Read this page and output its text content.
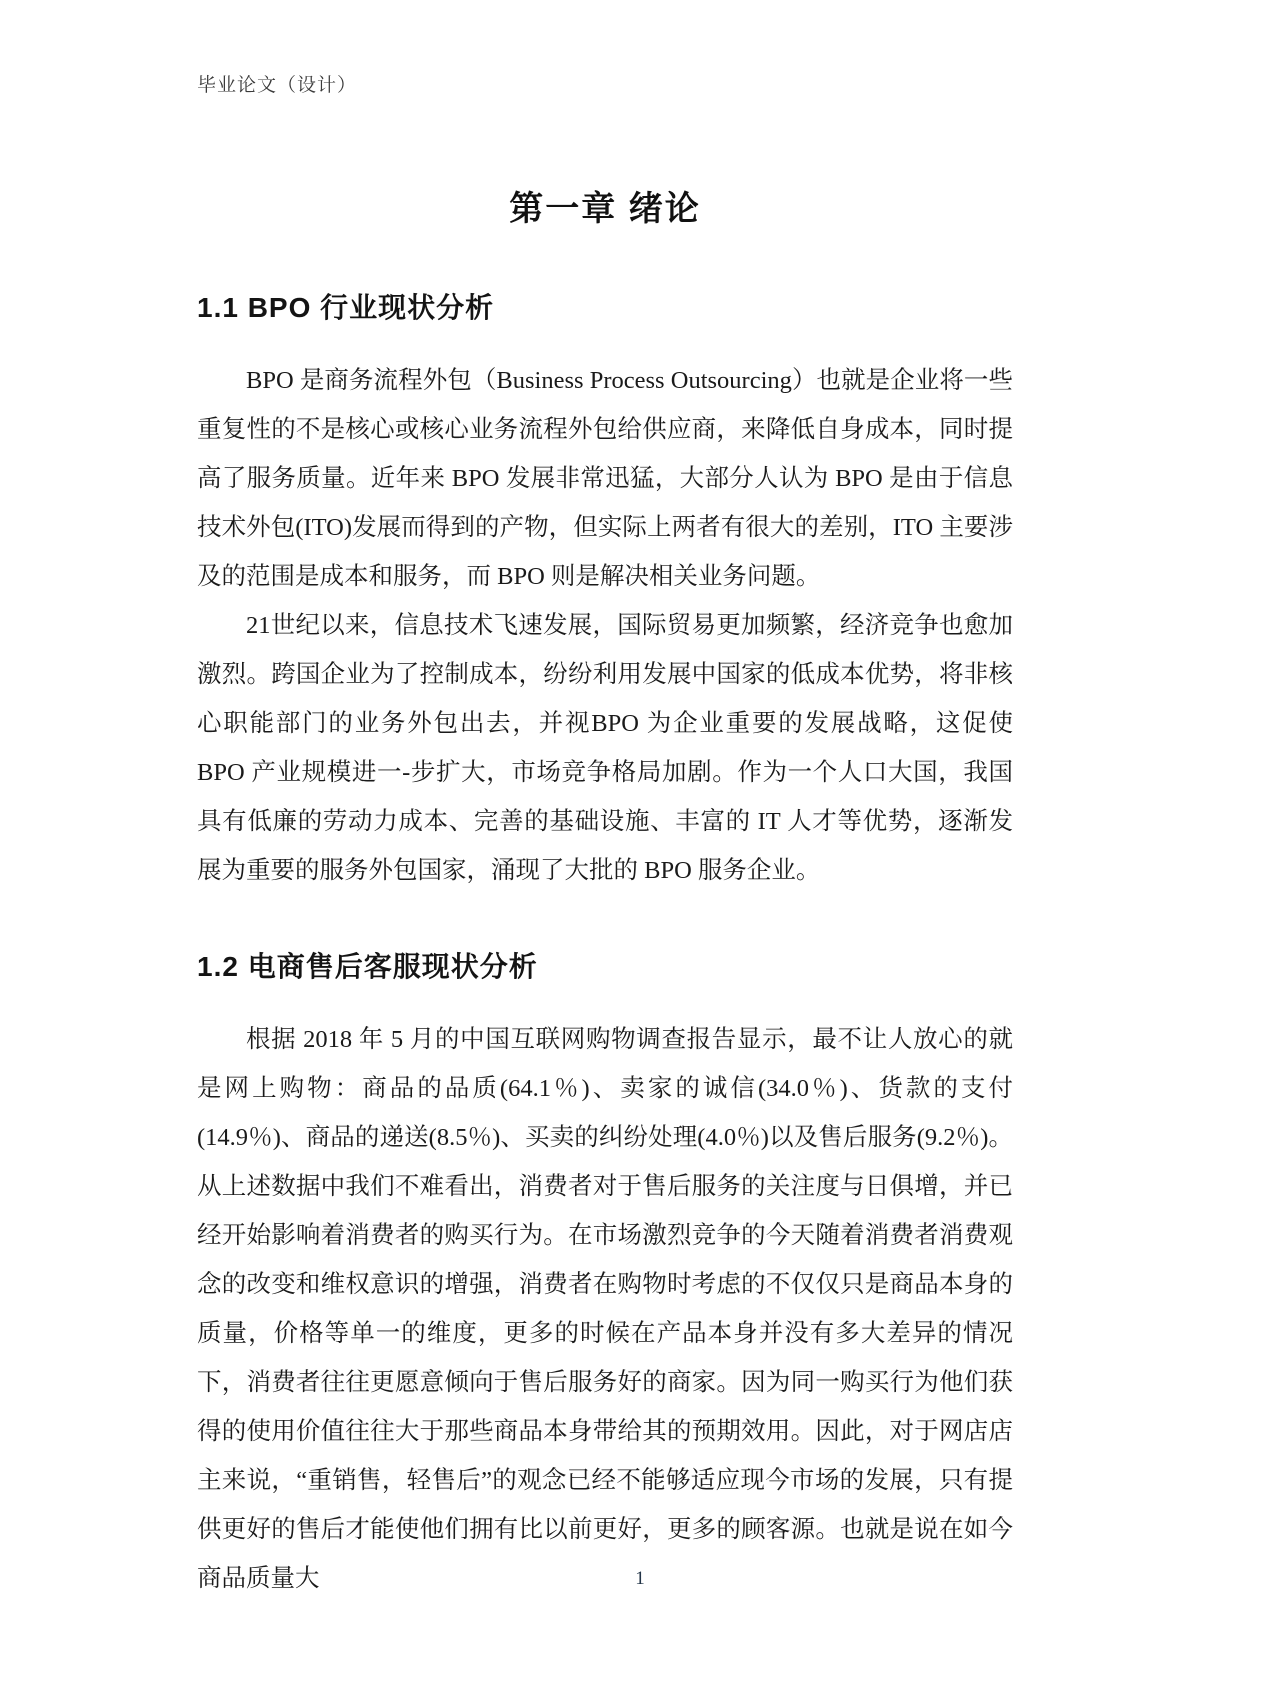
毕业论文（设计）
第一章 绪论
1.1 BPO 行业现状分析

BPO 是商务流程外包（Business Process Outsourcing）也就是企业将一些重复性的不是核心或核心业务流程外包给供应商，来降低自身成本，同时提高了服务质量。近年来 BPO 发展非常迅猛，大部分人认为 BPO 是由于信息技术外包(ITO)发展而得到的产物，但实际上两者有很大的差别，ITO 主要涉及的范围是成本和服务，而 BPO 则是解决相关业务问题。

21世纪以来，信息技术飞速发展，国际贸易更加频繁，经济竞争也愈加激烈。跨国企业为了控制成本，纷纷利用发展中国家的低成本优势，将非核心职能部门的业务外包出去，并视BPO 为企业重要的发展战略，这促使 BPO 产业规模进一-步扩大，市场竞争格局加剧。作为一个人口大国，我国具有低廉的劳动力成本、完善的基础设施、丰富的 IT 人才等优势，逐渐发展为重要的服务外包国家，涌现了大批的 BPO 服务企业。

1.2 电商售后客服现状分析

根据 2018 年 5 月的中国互联网购物调查报告显示，最不让人放心的就是网上购物：商品的品质(64.1％)、卖家的诚信(34.0％)、货款的支付(14.9％)、商品的递送(8.5％)、买卖的纠纷处理(4.0％)以及售后服务(9.2％)。从上述数据中我们不难看出，消费者对于售后服务的关注度与日俱增，并已经开始影响着消费者的购买行为。在市场激烈竞争的今天随着消费者消费观念的改变和维权意识的增强，消费者在购物时考虑的不仅仅只是商品本身的质量，价格等单一的维度，更多的时候在产品本身并没有多大差异的情况下，消费者往往更愿意倾向于售后服务好的商家。因为同一购买行为他们获得的使用价值往往大于那些商品本身带给其的预期效用。因此，对于网店店主来说，“重销售，轻售后”的观念已经不能够适应现今市场的发展，只有提供更好的售后才能使他们拥有比以前更好，更多的顾客源。也就是说在如今商品质量大	1
